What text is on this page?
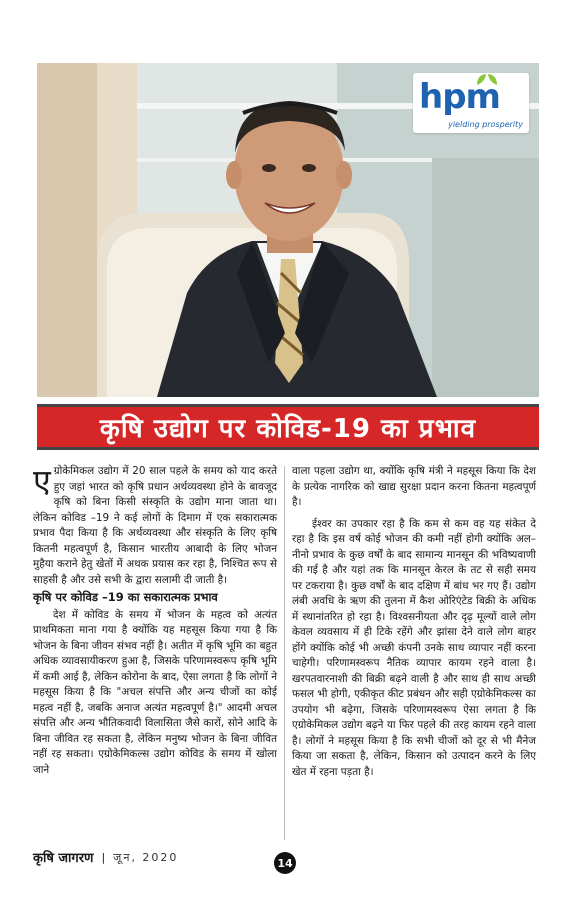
hpm
yielding prosperity
कृषि उद्योग पर कोविड-19 का प्रभाव

एग्रोकेमिकल उद्योग में 20 साल पहले के समय को याद करते हुए जहां भारत को कृषि प्रधान अर्थव्यवस्था होने के बावजूद कृषि को बिना किसी संस्कृति के उद्योग माना जाता था। लेकिन कोविड –19 ने कई लोगों के दिमाग में एक सकारात्मक प्रभाव पैदा किया है कि अर्थव्यवस्था और संस्कृति के लिए कृषि कितनी महत्वपूर्ण है, किसान भारतीय आबादी के लिए भोजन मुहैया कराने हेतु खेतों में अथक प्रयास कर रहा है, निश्चित रूप से साहसी है और उसे सभी के द्वारा सलामी दी जाती है।

कृषि पर कोविड –19 का सकारात्मक प्रभाव

देश में कोविड के समय में भोजन के महत्व को अत्यंत प्राथमिकता माना गया है क्योंकि यह महसूस किया गया है कि भोजन के बिना जीवन संभव नहीं है। अतीत में कृषि भूमि का बहुत अधिक व्यावसायीकरण हुआ है, जिसके परिणामस्वरूप कृषि भूमि में कमी आई है, लेकिन कोरोना के बाद, ऐसा लगता है कि लोगों ने महसूस किया है कि "अचल संपत्ति और अन्य चीजों का कोई महत्व नहीं है, जबकि अनाज अत्यंत महत्वपूर्ण है।" आदमी अचल संपत्ति और अन्य भौतिकवादी विलासिता जैसे कारों, सोने आदि के बिना जीवित रह सकता है, लेकिन मनुष्य भोजन के बिना जीवित नहीं रह सकता। एग्रोकेमिकल्स उद्योग कोविड के समय में खोला जाने

वाला पहला उद्योग था, क्योंकि कृषि मंत्री ने महसूस किया कि देश के प्रत्येक नागरिक को खाद्य सुरक्षा प्रदान करना कितना महत्वपूर्ण है।

ईश्वर का उपकार रहा है कि कम से कम वह यह संकेत दे रहा है कि इस वर्ष कोई भोजन की कमी नहीं होगी क्योंकि अल–नीनो प्रभाव के कुछ वर्षों के बाद सामान्य मानसून की भविष्यवाणी की गई है और यहां तक कि मानसून केरल के तट से सही समय पर टकराया है। कुछ वर्षों के बाद दक्षिण में बांध भर गए हैं। उद्योग लंबी अवधि के ऋण की तुलना में कैश ओरिएंटेड बिक्री के अधिक में स्थानांतरित हो रहा है। विश्वसनीयता और दृढ़ मूल्यों वाले लोग केवल व्यवसाय में ही टिके रहेंगे और झांसा देने वाले लोग बाहर होंगे क्योंकि कोई भी अच्छी कंपनी उनके साथ व्यापार नहीं करना चाहेगी। परिणामस्वरूप नैतिक व्यापार कायम रहने वाला है। खरपतवारनाशी की बिक्री बढ़ने वाली है और साथ ही साथ अच्छी फसल भी होगी, एकीकृत कीट प्रबंधन और सही एग्रोकेमिकल्स का उपयोग भी बढ़ेगा, जिसके परिणामस्वरूप ऐसा लगता है कि एग्रोकेमिकल उद्योग बढ़ने या फिर पहले की तरह कायम रहने वाला है। लोगों ने महसूस किया है कि सभी चीजों को दूर से भी मैनेज किया जा सकता है, लेकिन, किसान को उत्पादन करने के लिए खेत में रहना पड़ता है।

कृषि जागरण | जून, 2020	14
